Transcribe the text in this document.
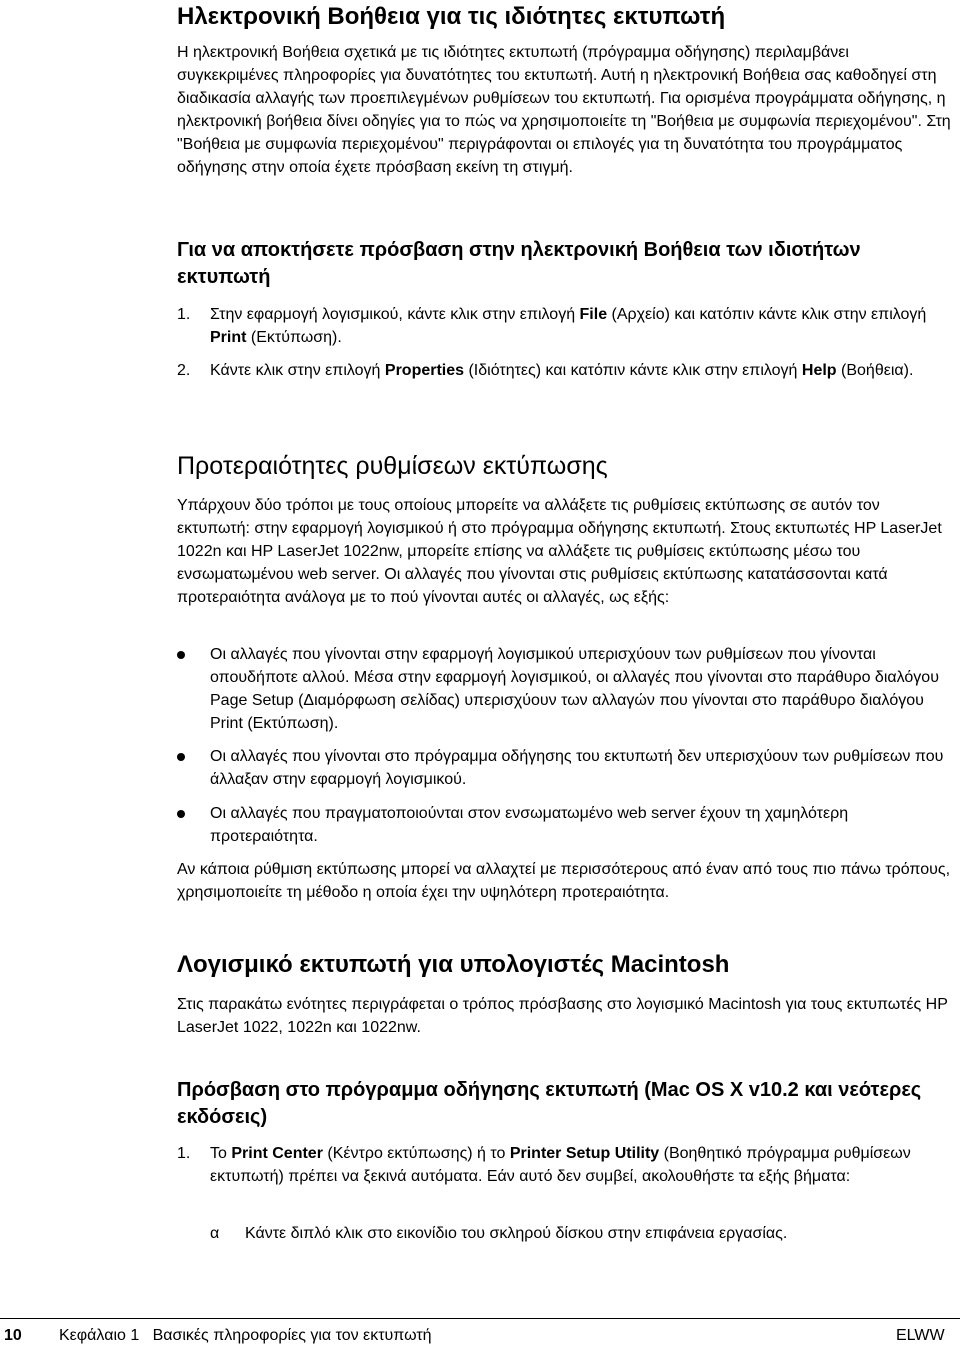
Ηλεκτρονική Βοήθεια για τις ιδιότητες εκτυπωτή

Η ηλεκτρονική Βοήθεια σχετικά με τις ιδιότητες εκτυπωτή (πρόγραμμα οδήγησης) περιλαμβάνει συγκεκριμένες πληροφορίες για δυνατότητες του εκτυπωτή. Αυτή η ηλεκτρονική Βοήθεια σας καθοδηγεί στη διαδικασία αλλαγής των προεπιλεγμένων ρυθμίσεων του εκτυπωτή. Για ορισμένα προγράμματα οδήγησης, η ηλεκτρονική βοήθεια δίνει οδηγίες για το πώς να χρησιμοποιείτε τη "Βοήθεια με συμφωνία περιεχομένου". Στη "Βοήθεια με συμφωνία περιεχομένου" περιγράφονται οι επιλογές για τη δυνατότητα του προγράμματος οδήγησης στην οποία έχετε πρόσβαση εκείνη τη στιγμή.

Για να αποκτήσετε πρόσβαση στην ηλεκτρονική Βοήθεια των ιδιοτήτων εκτυπωτή
1. Στην εφαρμογή λογισμικού, κάντε κλικ στην επιλογή File (Αρχείο) και κατόπιν κάντε κλικ στην επιλογή Print (Εκτύπωση).
2. Κάντε κλικ στην επιλογή Properties (Ιδιότητες) και κατόπιν κάντε κλικ στην επιλογή Help (Βοήθεια).
Προτεραιότητες ρυθμίσεων εκτύπωσης

Υπάρχουν δύο τρόποι με τους οποίους μπορείτε να αλλάξετε τις ρυθμίσεις εκτύπωσης σε αυτόν τον εκτυπωτή: στην εφαρμογή λογισμικού ή στο πρόγραμμα οδήγησης εκτυπωτή. Στους εκτυπωτές HP LaserJet 1022n και HP LaserJet 1022nw, μπορείτε επίσης να αλλάξετε τις ρυθμίσεις εκτύπωσης μέσω του ενσωματωμένου web server. Οι αλλαγές που γίνονται στις ρυθμίσεις εκτύπωσης κατατάσσονται κατά προτεραιότητα ανάλογα με το πού γίνονται αυτές οι αλλαγές, ως εξής:

Οι αλλαγές που γίνονται στην εφαρμογή λογισμικού υπερισχύουν των ρυθμίσεων που γίνονται οπουδήποτε αλλού. Μέσα στην εφαρμογή λογισμικού, οι αλλαγές που γίνονται στο παράθυρο διαλόγου Page Setup (Διαμόρφωση σελίδας) υπερισχύουν των αλλαγών που γίνονται στο παράθυρο διαλόγου Print (Εκτύπωση).
Οι αλλαγές που γίνονται στο πρόγραμμα οδήγησης του εκτυπωτή δεν υπερισχύουν των ρυθμίσεων που άλλαξαν στην εφαρμογή λογισμικού.
Οι αλλαγές που πραγματοποιούνται στον ενσωματωμένο web server έχουν τη χαμηλότερη προτεραιότητα.

Αν κάποια ρύθμιση εκτύπωσης μπορεί να αλλαχτεί με περισσότερους από έναν από τους πιο πάνω τρόπους, χρησιμοποιείτε τη μέθοδο η οποία έχει την υψηλότερη προτεραιότητα.

Λογισμικό εκτυπωτή για υπολογιστές Macintosh

Στις παρακάτω ενότητες περιγράφεται ο τρόπος πρόσβασης στο λογισμικό Macintosh για τους εκτυπωτές HP LaserJet 1022, 1022n και 1022nw.

Πρόσβαση στο πρόγραμμα οδήγησης εκτυπωτή (Mac OS X v10.2 και νεότερες εκδόσεις)
1. Το Print Center (Κέντρο εκτύπωσης) ή το Printer Setup Utility (Βοηθητικό πρόγραμμα ρυθμίσεων εκτυπωτή) πρέπει να ξεκινά αυτόματα. Εάν αυτό δεν συμβεί, ακολουθήστε τα εξής βήματα:
α Κάντε διπλό κλικ στο εικονίδιο του σκληρού δίσκου στην επιφάνεια εργασίας.
10 Κεφάλαιο 1   Βασικές πληροφορίες για τον εκτυπωτή	ELWW
